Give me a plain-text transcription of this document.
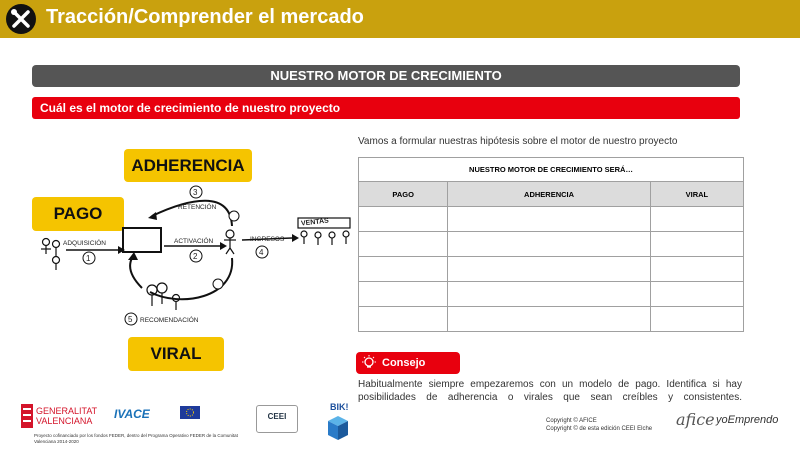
Tracción/Comprender el mercado
NUESTRO MOTOR DE CRECIMIENTO
Cuál es el motor de crecimiento de nuestro proyecto
ADHERENCIA
PAGO
VIRAL
1
ADQUISICIÓN
2
ACTIVACIÓN
3
RETENCIÓN
4
INGRESOS
5 RECOMENDACIÓN
VENTAS
Vamos a formular nuestras hipótesis sobre el motor de nuestro proyecto
NUESTRO MOTOR DE CRECIMIENTO SERÁ…		
PAGO	ADHERENCIA	VIRAL

Consejo
Habitualmente siempre empezaremos con un modelo de pago. Identifica si hay posibilidades de adherencia o virales que sean creíbles y consistentes.
GENERALITAT
VALENCIANA	IVACE	CEEI
BIK!
Proyecto cofinanciado por los fondos FEDER, dentro del Programa Operativo FEDER de la Comunitat
Valenciana 2014-2020
Copyright © AFICE
Copyright © de esta edición CEEI Elche afice yoEmprendo
